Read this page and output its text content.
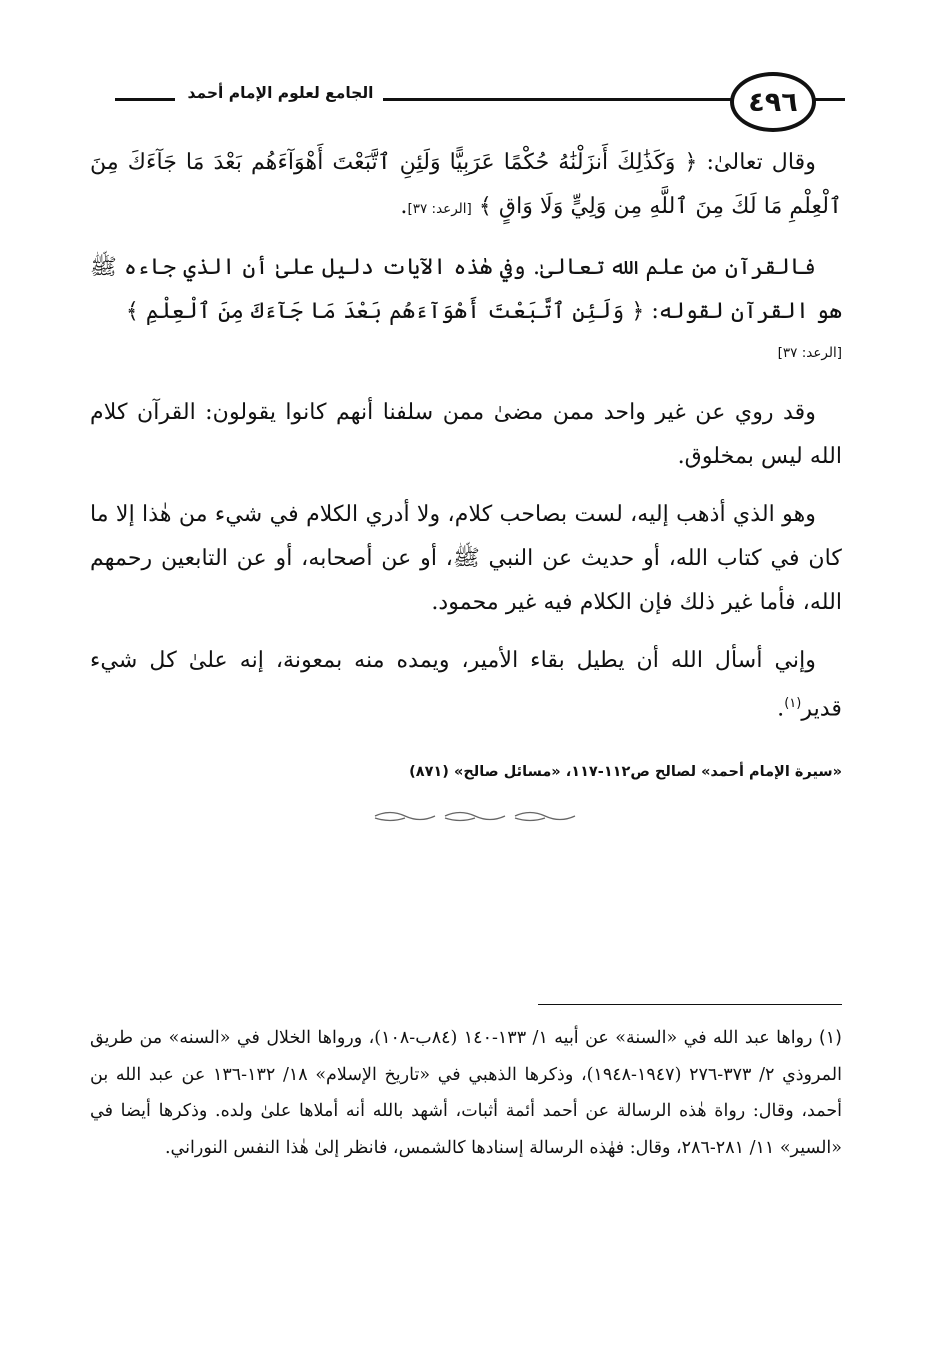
٤٩٦
الجامع لعلوم الإمام أحمد

وقال تعالىٰ: ﴿ وَكَذَٰلِكَ أَنزَلْنَٰهُ حُكْمًا عَرَبِيًّا وَلَئِنِ ٱتَّبَعْتَ أَهْوَآءَهُم بَعْدَ مَا جَآءَكَ مِنَ ٱلْعِلْمِ مَا لَكَ مِنَ ٱللَّهِ مِن وَلِيٍّ وَلَا وَاقٍ ﴾ [الرعد: ٣٧].

فالقرآن من علم الله تعالىٰ. وفي هٰذه الآيات دليل علىٰ أن الذي جاءه ﷺ هو القرآن لقوله: ﴿ وَلَئِنِ ٱتَّبَعْتَ أَهْوَآءَهُم بَعْدَ مَا جَآءَكَ مِنَ ٱلْعِلْمِ ﴾

[الرعد: ٣٧]

وقد روي عن غير واحد ممن مضىٰ ممن سلفنا أنهم كانوا يقولون: القرآن كلام الله ليس بمخلوق.

وهو الذي أذهب إليه، لست بصاحب كلام، ولا أدري الكلام في شيء من هٰذا إلا ما كان في كتاب الله، أو حديث عن النبي ﷺ، أو عن أصحابه، أو عن التابعين رحمهم الله، فأما غير ذلك فإن الكلام فيه غير محمود.

وإني أسأل الله أن يطيل بقاء الأمير، ويمده منه بمعونة، إنه علىٰ كل شيء قدير$^{(١)}$.

«سيرة الإمام أحمد» لصالح ص١١٢-١١٧، «مسائل صالح» (٨٧١)
(١) رواها عبد الله في «السنة» عن أبيه ١/ ١٣٣-١٤٠ (٨٤ب-١٠٨)، ورواها الخلال في «السنه» من طريق المروذي ٢/ ٣٧٣-٢٧٦ (١٩٤٧-١٩٤٨)، وذكرها الذهبي في «تاريخ الإسلام» ١٨/ ١٣٢-١٣٦ عن عبد الله بن أحمد، وقال: رواة هٰذه الرسالة عن أحمد أئمة أثبات، أشهد بالله أنه أملاها علىٰ ولده. وذكرها أيضا في «السير» ١١/ ٢٨١-٢٨٦، وقال: فهٰذه الرسالة إسنادها كالشمس، فانظر إلىٰ هٰذا النفس النوراني.
